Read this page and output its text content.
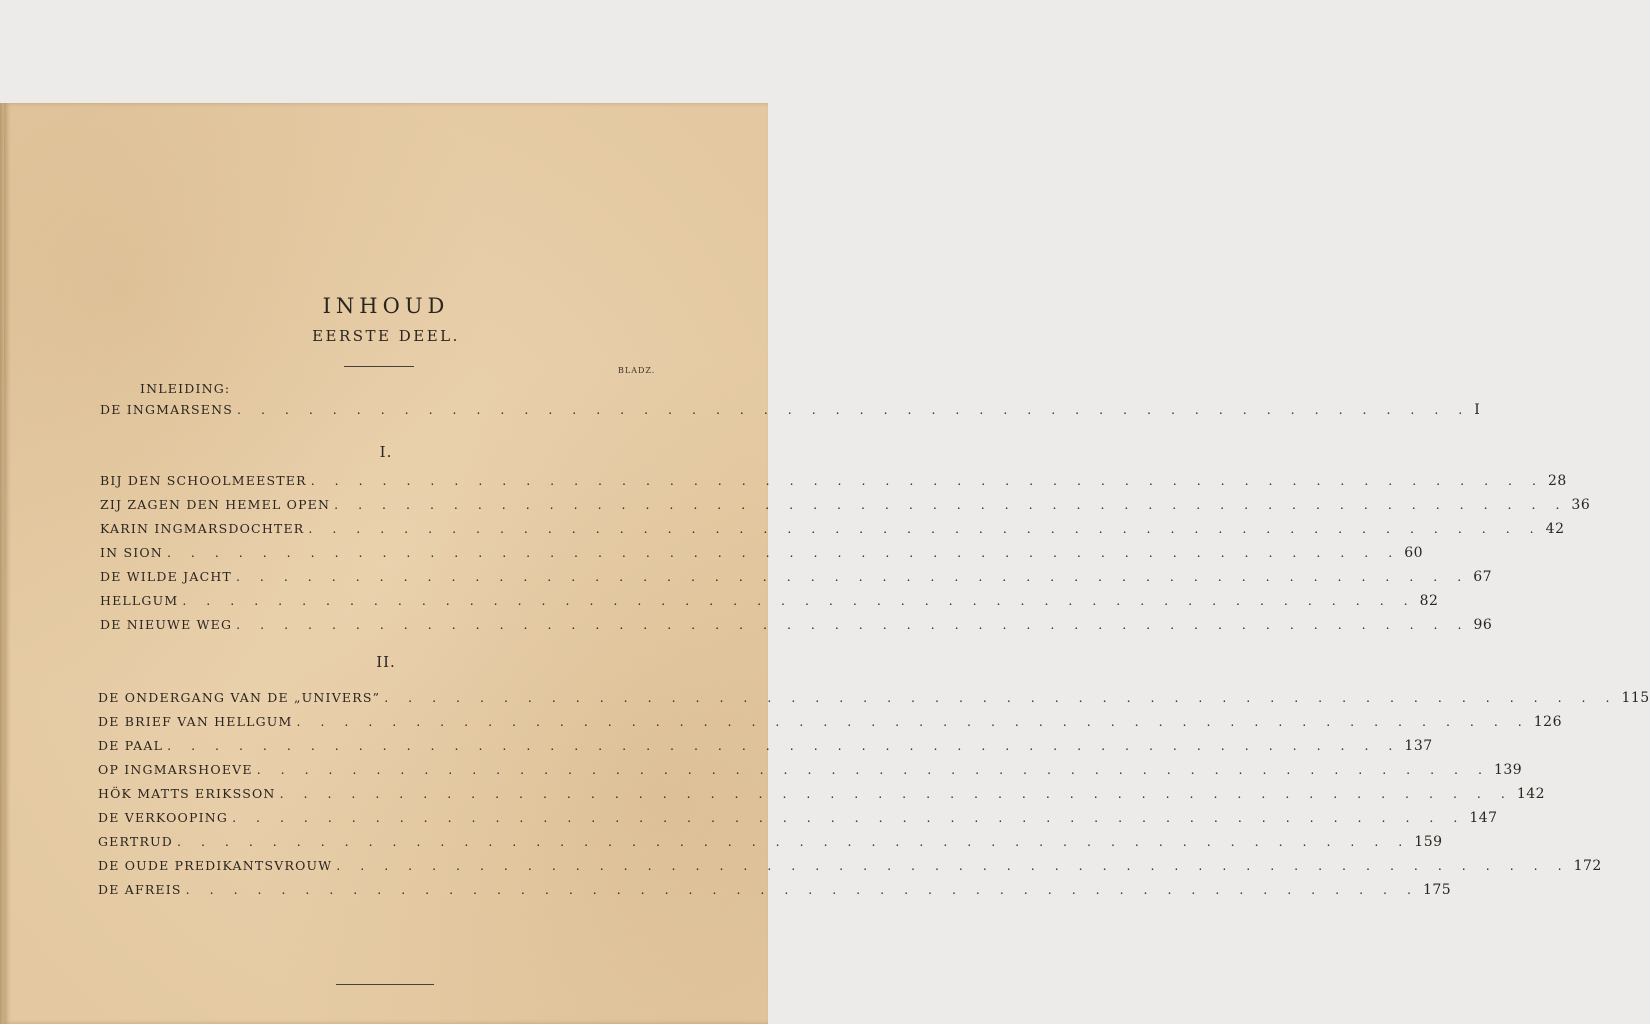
INHOUD
EERSTE DEEL.
BLADZ.
INLEIDING:
DE INGMARSENS . . . . . . . . . . . . . . . . . . . . . . . . . . . . . . . . . . . . . . . . . . . . . . . . . . . . I
I.
BIJ DEN SCHOOLMEESTER . . . . . . . . . . . . . . . . . . . . . . . . . . . . . . . . . . . . . . . . . . . . . . . . . . . . 28
ZIJ ZAGEN DEN HEMEL OPEN . . . . . . . . . . . . . . . . . . . . . . . . . . . . . . . . . . . . . . . . . . . . . . . . . . . . 36
KARIN INGMARSDOCHTER . . . . . . . . . . . . . . . . . . . . . . . . . . . . . . . . . . . . . . . . . . . . . . . . . . . . 42
IN SION . . . . . . . . . . . . . . . . . . . . . . . . . . . . . . . . . . . . . . . . . . . . . . . . . . . . 60
DE WILDE JACHT . . . . . . . . . . . . . . . . . . . . . . . . . . . . . . . . . . . . . . . . . . . . . . . . . . . . 67
HELLGUM . . . . . . . . . . . . . . . . . . . . . . . . . . . . . . . . . . . . . . . . . . . . . . . . . . . . 82
DE NIEUWE WEG . . . . . . . . . . . . . . . . . . . . . . . . . . . . . . . . . . . . . . . . . . . . . . . . . . . . 96
II.
DE ONDERGANG VAN DE „UNIVERS” . . . . . . . . . . . . . . . . . . . . . . . . . . . . . . . . . . . . . . . . . . . . . . . . . . . . 115
DE BRIEF VAN HELLGUM . . . . . . . . . . . . . . . . . . . . . . . . . . . . . . . . . . . . . . . . . . . . . . . . . . . . 126
DE PAAL . . . . . . . . . . . . . . . . . . . . . . . . . . . . . . . . . . . . . . . . . . . . . . . . . . . . 137
OP INGMARSHOEVE . . . . . . . . . . . . . . . . . . . . . . . . . . . . . . . . . . . . . . . . . . . . . . . . . . . . 139
HÖK MATTS ERIKSSON . . . . . . . . . . . . . . . . . . . . . . . . . . . . . . . . . . . . . . . . . . . . . . . . . . . . 142
DE VERKOOPING . . . . . . . . . . . . . . . . . . . . . . . . . . . . . . . . . . . . . . . . . . . . . . . . . . . . 147
GERTRUD . . . . . . . . . . . . . . . . . . . . . . . . . . . . . . . . . . . . . . . . . . . . . . . . . . . . 159
DE OUDE PREDIKANTSVROUW . . . . . . . . . . . . . . . . . . . . . . . . . . . . . . . . . . . . . . . . . . . . . . . . . . . . 172
DE AFREIS . . . . . . . . . . . . . . . . . . . . . . . . . . . . . . . . . . . . . . . . . . . . . . . . . . . . 175
